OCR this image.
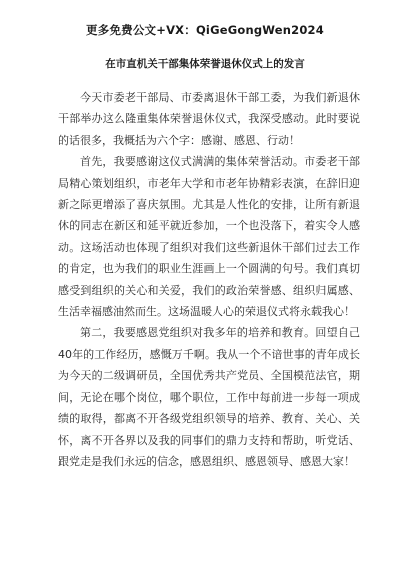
更多免费公文+VX：QiGeGongWen2024
在市直机关干部集体荣誉退休仪式上的发言

今天市委老干部局、市委离退休干部工委，为我们新退休干部举办这么隆重集体荣誉退休仪式，我深受感动。此时要说的话很多，我概括为六个字：感谢、感恩、行动！

首先，我要感谢这仪式满满的集体荣誉活动。市委老干部局精心策划组织，市老年大学和市老年协精彩表演，在辞旧迎新之际更增添了喜庆氛围。尤其是人性化的安排，让所有新退休的同志在新区和延平就近参加，一个也没落下，着实令人感动。这场活动也体现了组织对我们这些新退休干部们过去工作的肯定，也为我们的职业生涯画上一个圆满的句号。我们真切感受到组织的关心和关爱，我们的政治荣誉感、组织归属感、生活幸福感油然而生。这场温暖人心的荣退仪式将永载我心！

第二，我要感恩党组织对我多年的培养和教育。回望自己40年的工作经历，感慨万千啊。我从一个不谙世事的青年成长为今天的二级调研员，全国优秀共产党员、全国模范法官，期间，无论在哪个岗位，哪个职位，工作中每前进一步每一项成绩的取得，都离不开各级党组织领导的培养、教育、关心、关怀，离不开各界以及我的同事们的鼎力支持和帮助，听党话、跟党走是我们永远的信念，感恩组织、感恩领导、感恩大家！
